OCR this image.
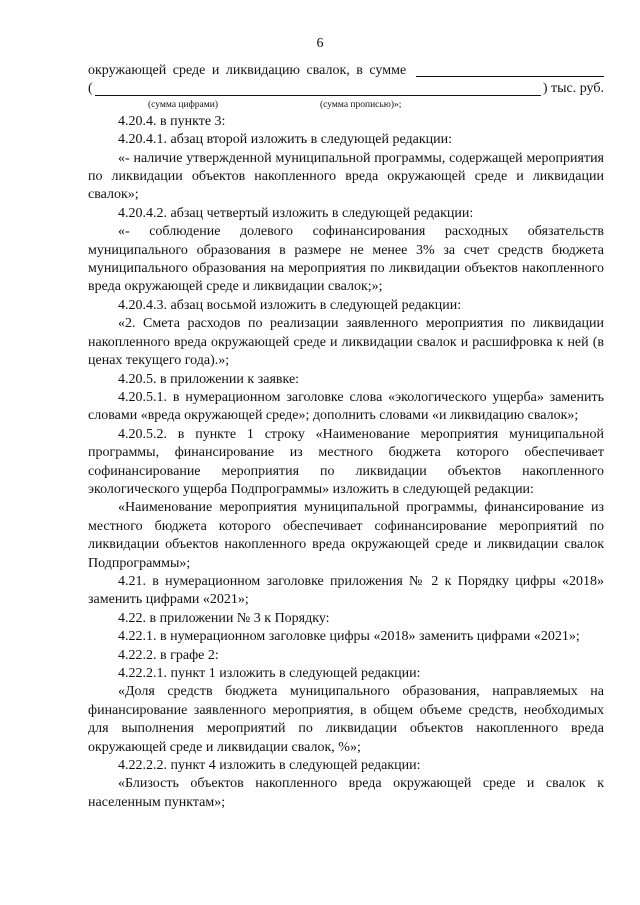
6
окружающей среде и ликвидацию свалок, в сумме
(	) тыс. руб.
(сумма цифрами)	(сумма прописью)»;

4.20.4. в пункте 3:

4.20.4.1. абзац второй изложить в следующей редакции:

«- наличие утвержденной муниципальной программы, содержащей мероприятия по ликвидации объектов накопленного вреда окружающей среде и ликвидации свалок»;

4.20.4.2. абзац четвертый изложить в следующей редакции:

«- соблюдение долевого софинансирования расходных обязательств муниципального образования в размере не менее 3% за счет средств бюджета муниципального образования на мероприятия по ликвидации объектов накопленного вреда окружающей среде и ликвидации свалок;»;

4.20.4.3. абзац восьмой изложить в следующей редакции:

«2. Смета расходов по реализации заявленного мероприятия по ликвидации накопленного вреда окружающей среде и ликвидации свалок и расшифровка к ней (в ценах текущего года).»;

4.20.5. в приложении к заявке:

4.20.5.1. в нумерационном заголовке слова «экологического ущерба» заменить словами «вреда окружающей среде»; дополнить словами «и ликвидацию свалок»;

4.20.5.2. в пункте 1 строку «Наименование мероприятия муниципальной программы, финансирование из местного бюджета которого обеспечивает софинансирование мероприятия по ликвидации объектов накопленного экологического ущерба Подпрограммы» изложить в следующей редакции:

«Наименование мероприятия муниципальной программы, финансирование из местного бюджета которого обеспечивает софинансирование мероприятий по ликвидации объектов накопленного вреда окружающей среде и ликвидации свалок Подпрограммы»;

4.21. в нумерационном заголовке приложения № 2 к Порядку цифры «2018» заменить цифрами «2021»;

4.22. в приложении № 3 к Порядку:

4.22.1. в нумерационном заголовке цифры «2018» заменить цифрами «2021»;

4.22.2. в графе 2:

4.22.2.1. пункт 1 изложить в следующей редакции:

«Доля средств бюджета муниципального образования, направляемых на финансирование заявленного мероприятия, в общем объеме средств, необходимых для выполнения мероприятий по ликвидации объектов накопленного вреда окружающей среде и ликвидации свалок, %»;

4.22.2.2. пункт 4 изложить в следующей редакции:

«Близость объектов накопленного вреда окружающей среде и свалок к населенным пунктам»;
